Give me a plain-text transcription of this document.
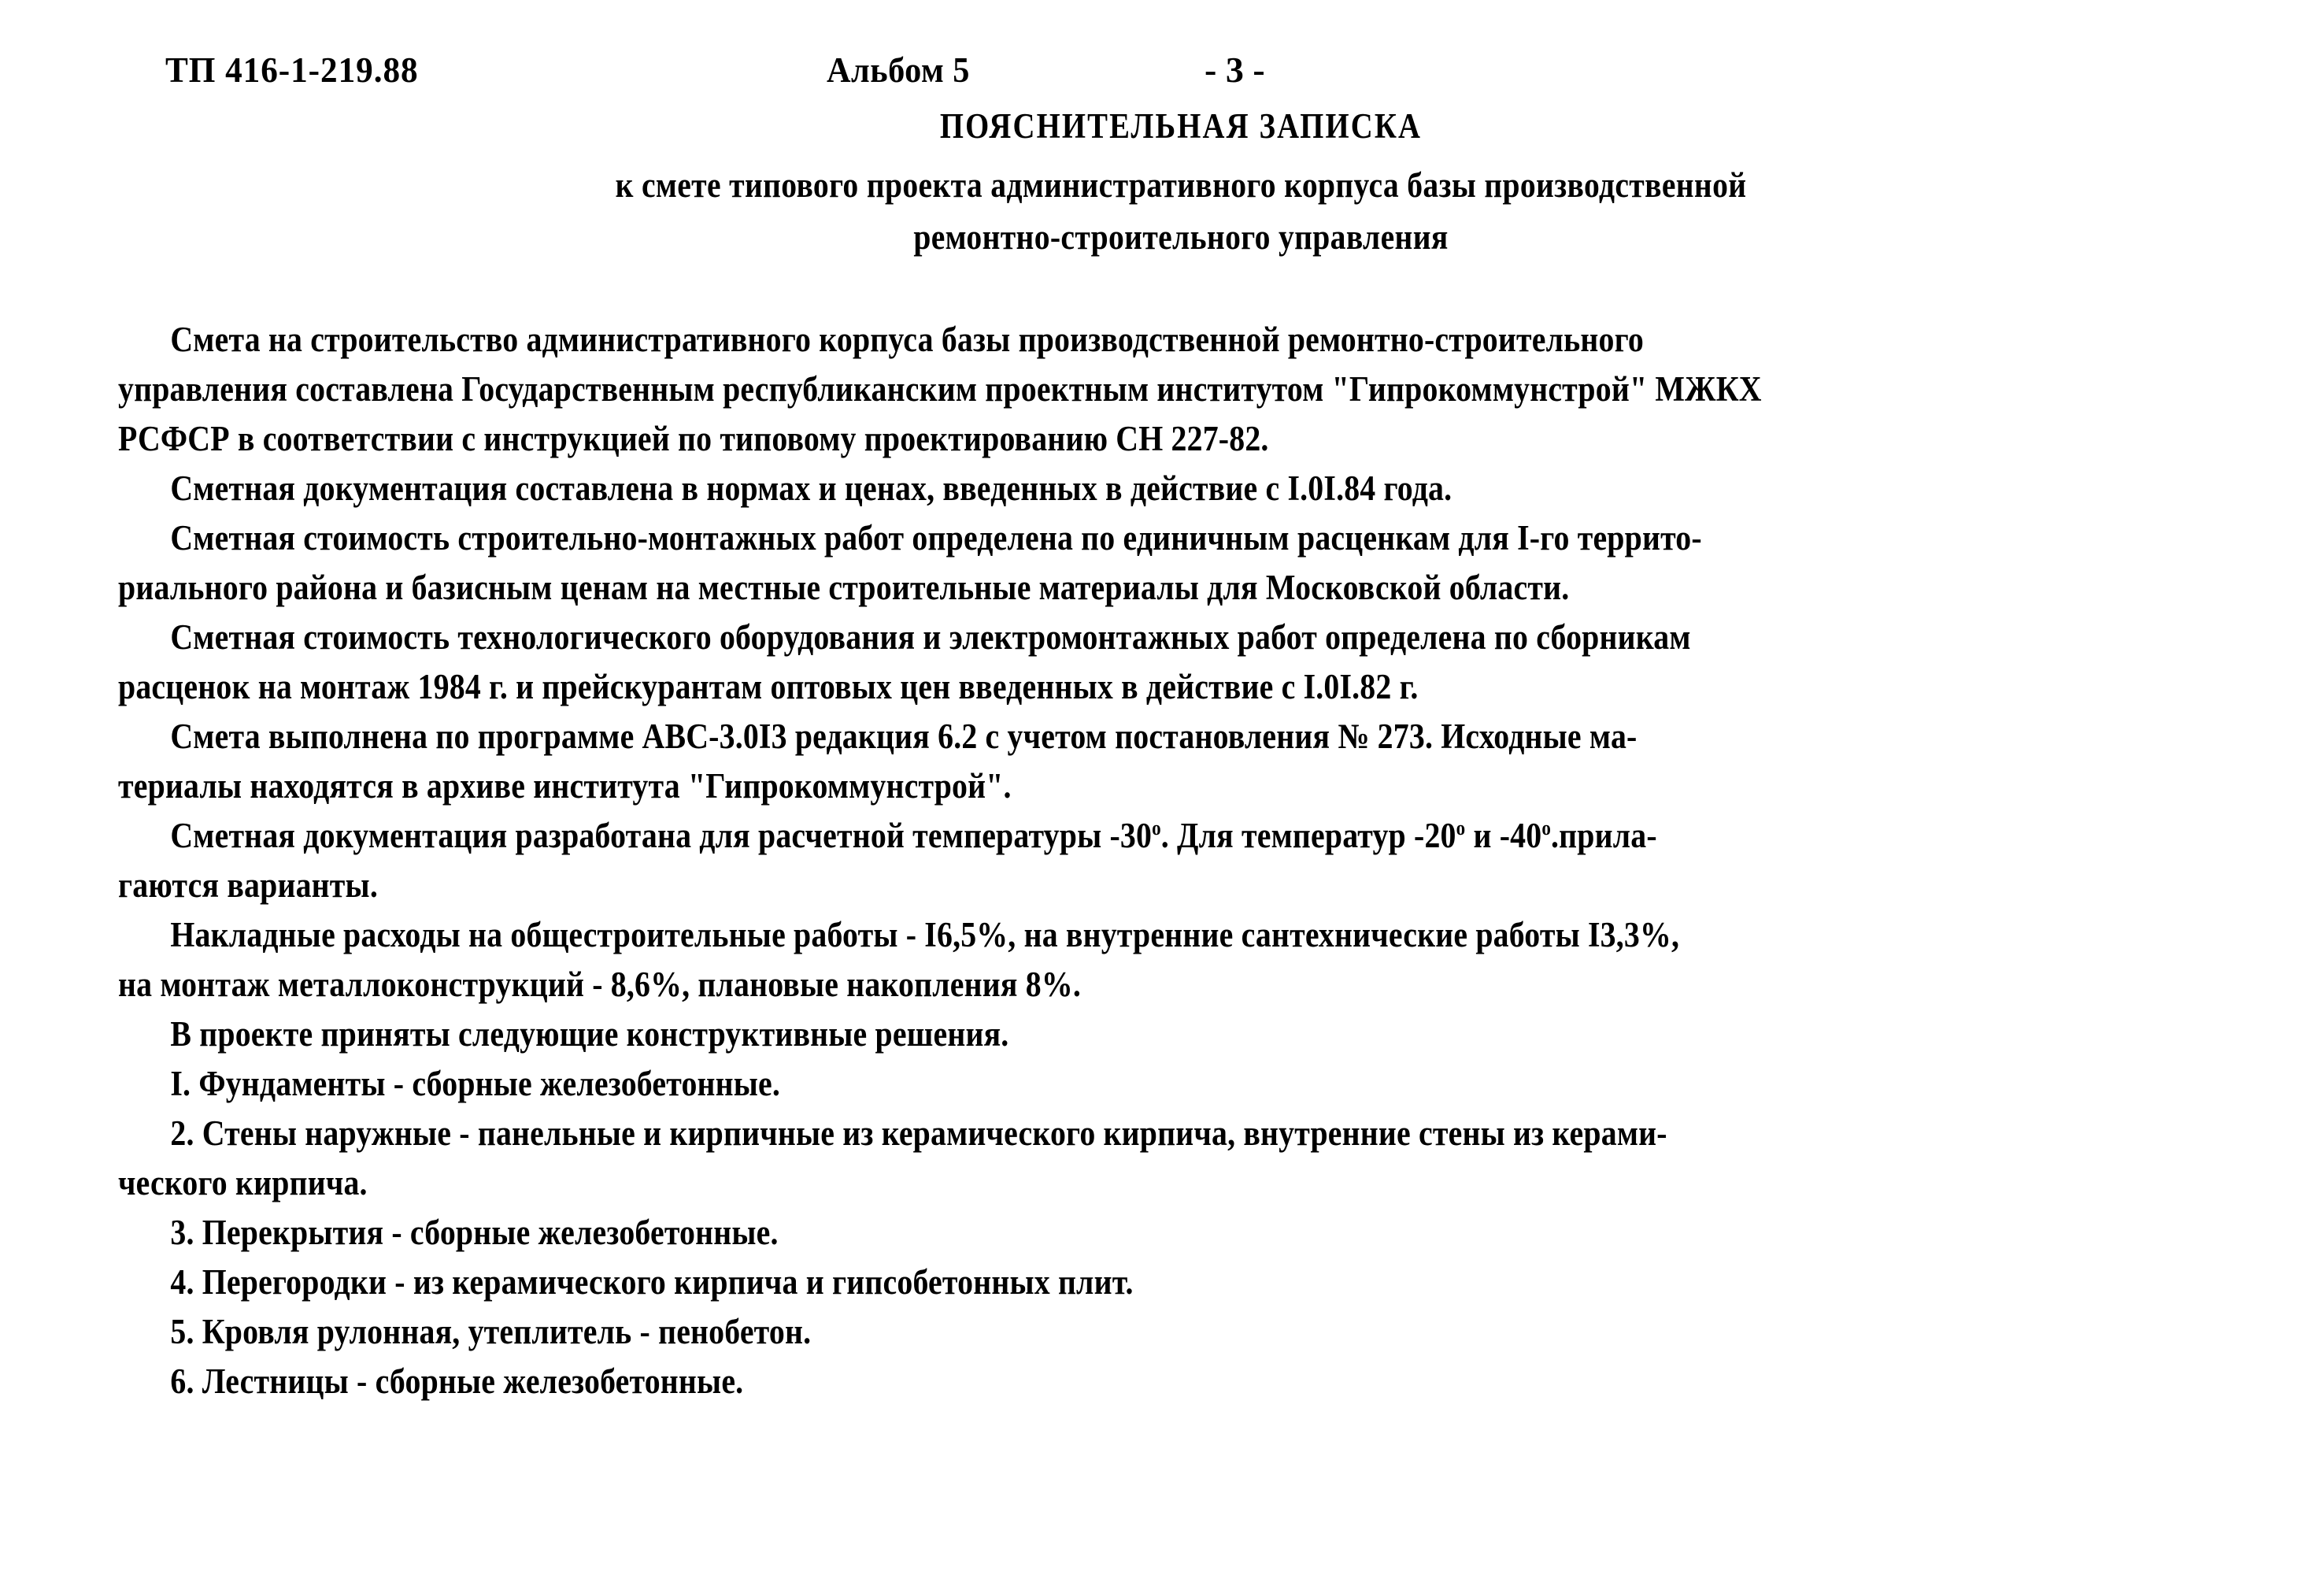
ТП 416-1-219.88	Альбом 5	- 3 -
ПОЯСНИТЕЛЬНАЯ ЗАПИСКА
к смете типового проекта административного корпуса базы производственной
ремонтно-строительного управления

Смета на строительство административного корпуса базы производственной ремонтно-строительного
управления составлена Государственным республиканским проектным институтом "Гипрокоммунстрой" МЖКХ
РСФСР в соответствии с инструкцией по типовому проектированию СН 227-82.

Сметная документация составлена в нормах и ценах, введенных в действие с I.0I.84 года.

Сметная стоимость строительно-монтажных работ определена по единичным расценкам для I-го террито-
риального района и базисным ценам на местные строительные материалы для Московской области.

Сметная стоимость технологического оборудования и электромонтажных работ определена по сборникам
расценок на монтаж 1984 г. и прейскурантам оптовых цен введенных в действие с I.0I.82 г.

Смета выполнена по программе АВС-3.0I3 редакция 6.2 с учетом постановления № 273. Исходные ма-
териалы находятся в архиве института "Гипрокоммунстрой".

Сметная документация разработана для расчетной температуры -30$^o$. Для температур -20$^o$ и -40$^o$.прила-
гаются варианты.

Накладные расходы на общестроительные работы - I6,5%, на внутренние сантехнические работы I3,3%,
на монтаж металлоконструкций - 8,6%, плановые накопления 8%.

В проекте приняты следующие конструктивные решения.

I. Фундаменты - сборные железобетонные.

2. Стены наружные - панельные и кирпичные из керамического кирпича, внутренние стены из керами-
ческого кирпича.

3. Перекрытия - сборные железобетонные.

4. Перегородки - из керамического кирпича и гипсобетонных плит.

5. Кровля рулонная, утеплитель - пенобетон.

6. Лестницы - сборные железобетонные.
